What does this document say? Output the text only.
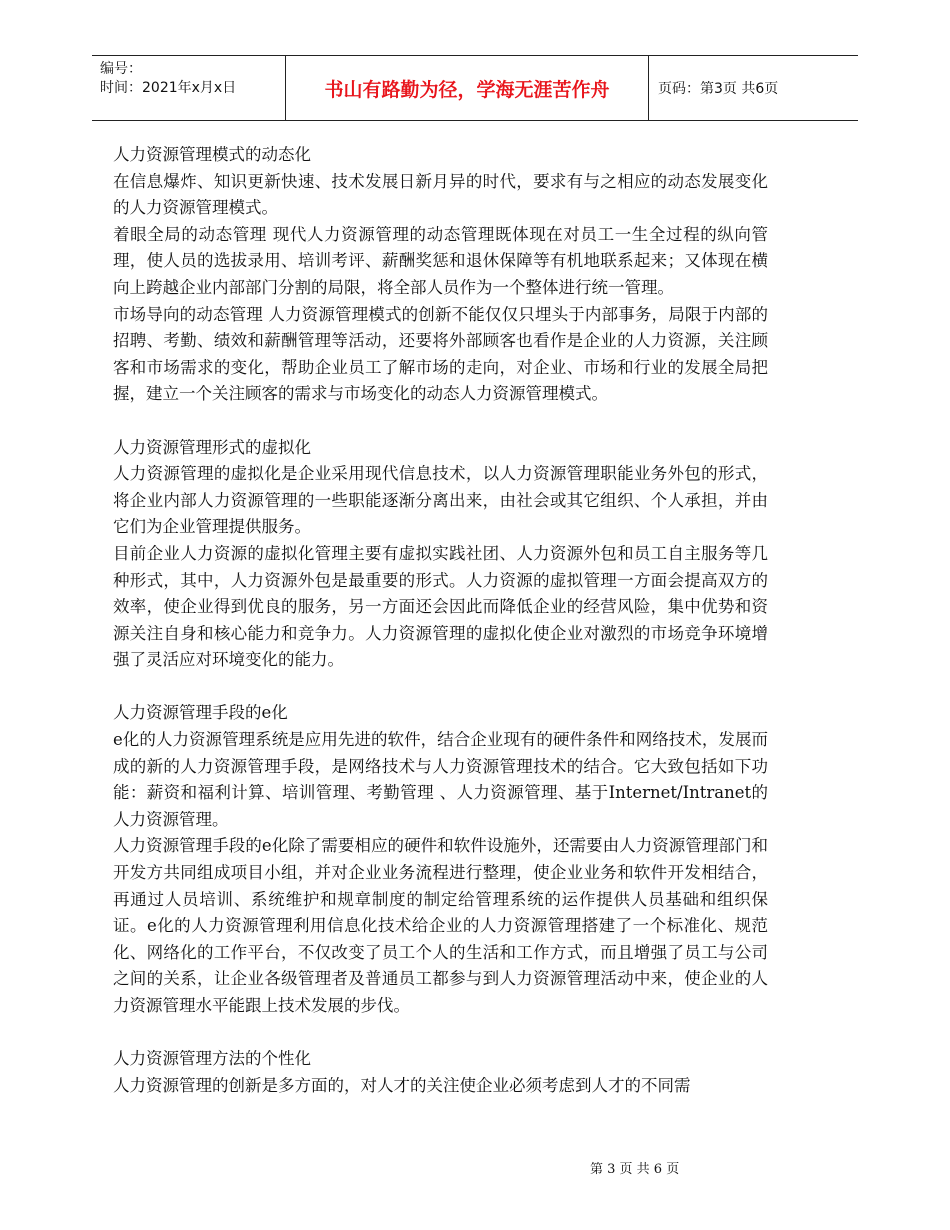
编号：
时间：2021年x月x日	书山有路勤为径，学海无涯苦作舟	页码：第3页 共6页

人力资源管理模式的动态化

在信息爆炸、知识更新快速、技术发展日新月异的时代，要求有与之相应的动态发展变化的人力资源管理模式。

着眼全局的动态管理 现代人力资源管理的动态管理既体现在对员工一生全过程的纵向管理，使人员的选拔录用、培训考评、薪酬奖惩和退休保障等有机地联系起来；又体现在横向上跨越企业内部部门分割的局限，将全部人员作为一个整体进行统一管理。

市场导向的动态管理 人力资源管理模式的创新不能仅仅只埋头于内部事务，局限于内部的招聘、考勤、绩效和薪酬管理等活动，还要将外部顾客也看作是企业的人力资源，关注顾客和市场需求的变化，帮助企业员工了解市场的走向，对企业、市场和行业的发展全局把握，建立一个关注顾客的需求与市场变化的动态人力资源管理模式。

人力资源管理形式的虚拟化

人力资源管理的虚拟化是企业采用现代信息技术，以人力资源管理职能业务外包的形式，将企业内部人力资源管理的一些职能逐渐分离出来，由社会或其它组织、个人承担，并由它们为企业管理提供服务。

目前企业人力资源的虚拟化管理主要有虚拟实践社团、人力资源外包和员工自主服务等几种形式，其中，人力资源外包是最重要的形式。人力资源的虚拟管理一方面会提高双方的效率，使企业得到优良的服务，另一方面还会因此而降低企业的经营风险，集中优势和资源关注自身和核心能力和竞争力。人力资源管理的虚拟化使企业对激烈的市场竞争环境增强了灵活应对环境变化的能力。

人力资源管理手段的e化

e化的人力资源管理系统是应用先进的软件，结合企业现有的硬件条件和网络技术，发展而成的新的人力资源管理手段，是网络技术与人力资源管理技术的结合。它大致包括如下功能：薪资和福利计算、培训管理、考勤管理 、人力资源管理、基于Internet/Intranet的人力资源管理。

人力资源管理手段的e化除了需要相应的硬件和软件设施外，还需要由人力资源管理部门和开发方共同组成项目小组，并对企业业务流程进行整理，使企业业务和软件开发相结合，再通过人员培训、系统维护和规章制度的制定给管理系统的运作提供人员基础和组织保证。e化的人力资源管理利用信息化技术给企业的人力资源管理搭建了一个标准化、规范化、网络化的工作平台，不仅改变了员工个人的生活和工作方式，而且增强了员工与公司之间的关系，让企业各级管理者及普通员工都参与到人力资源管理活动中来，使企业的人力资源管理水平能跟上技术发展的步伐。

人力资源管理方法的个性化

人力资源管理的创新是多方面的，对人才的关注使企业必须考虑到人才的不同需

第 3 页 共 6 页
